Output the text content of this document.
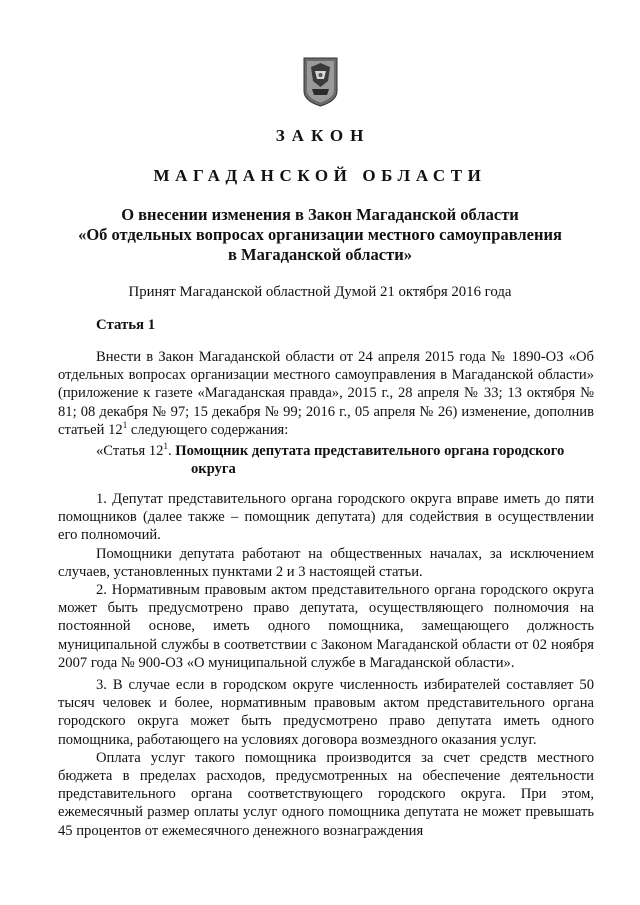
ЗАКОН
МАГАДАНСКОЙ ОБЛАСТИ
О внесении изменения в Закон Магаданской области
«Об отдельных вопросах организации местного самоуправления
в Магаданской области»
Принят Магаданской областной Думой 21 октября 2016 года
Статья 1

Внести в Закон Магаданской области от 24 апреля 2015 года № 1890-ОЗ «Об отдельных вопросах организации местного самоуправления в Магаданской области» (приложение к газете «Магаданская правда», 2015 г., 28 апреля № 33; 13 октября № 81; 08 декабря № 97; 15 декабря № 99; 2016 г., 05 апреля № 26) изменение, дополнив статьей $12^1$ следующего содержания:

«Статья $12^1$. Помощник депутата представительного органа городского
округа

1. Депутат представительного органа городского округа вправе иметь до пяти помощников (далее также – помощник депутата) для содействия в осуществлении его полномочий.

Помощники депутата работают на общественных началах, за исключением случаев, установленных пунктами 2 и 3 настоящей статьи.

2. Нормативным правовым актом представительного органа городского округа может быть предусмотрено право депутата, осуществляющего полномочия на постоянной основе, иметь одного помощника, замещающего должность муниципальной службы в соответствии с Законом Магаданской области от 02 ноября 2007 года № 900-ОЗ «О муниципальной службе в Магаданской области».

3. В случае если в городском округе численность избирателей составляет 50 тысяч человек и более, нормативным правовым актом представительного органа городского округа может быть предусмотрено право депутата иметь одного помощника, работающего на условиях договора возмездного оказания услуг.

Оплата услуг такого помощника производится за счет средств местного бюджета в пределах расходов, предусмотренных на обеспечение деятельности представительного органа соответствующего городского округа. При этом, ежемесячный размер оплаты услуг одного помощника депутата не может превышать 45 процентов от ежемесячного денежного вознаграждения
